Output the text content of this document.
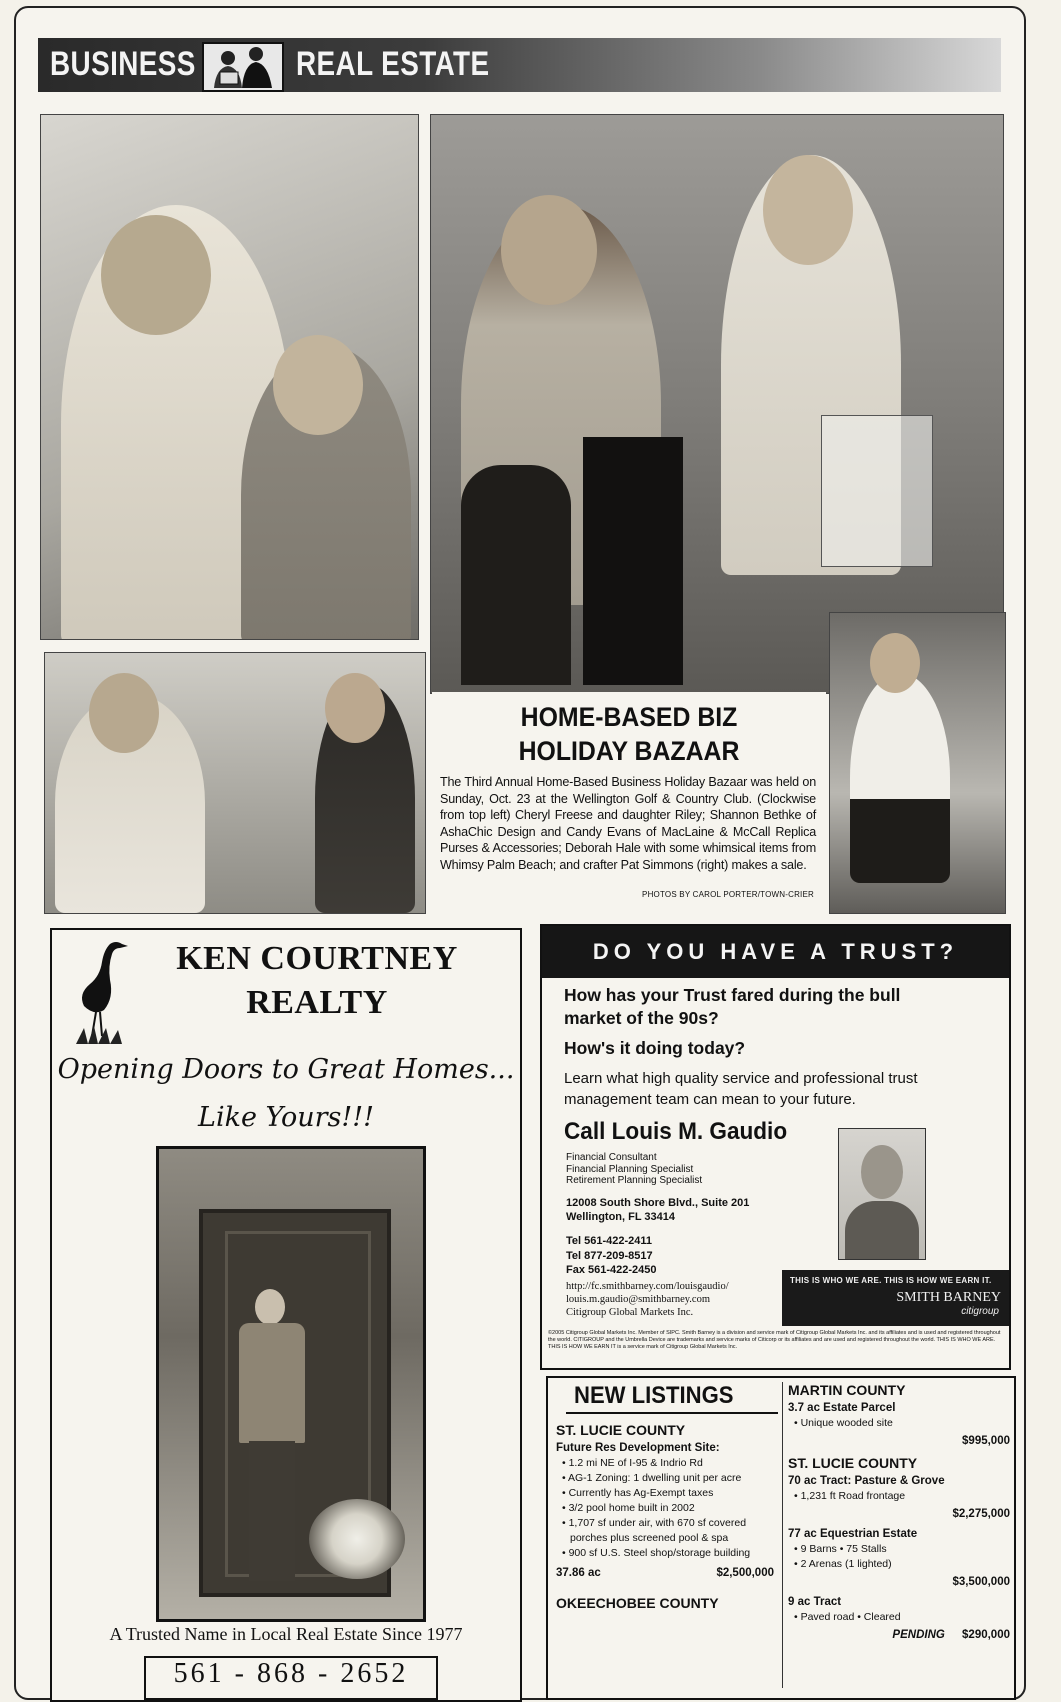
BUSINESS	REAL ESTATE
HOME-BASED BIZ
HOLIDAY BAZAAR
The Third Annual Home-Based Business Holiday Bazaar was held on Sunday, Oct. 23 at the Wellington Golf & Country Club. (Clockwise from top left) Cheryl Freese and daughter Riley; Shannon Bethke of AshaChic Design and Candy Evans of MacLaine & McCall Replica Purses & Accessories; Deborah Hale with some whimsical items from Whimsy Palm Beach; and crafter Pat Simmons (right) makes a sale.
PHOTOS BY CAROL PORTER/TOWN-CRIER
KEN COURTNEY
REALTY
Opening Doors to Great Homes...
Like Yours!!!
A Trusted Name in Local Real Estate Since 1977
561 - 868 - 2652
DO YOU HAVE A TRUST?
How has your Trust fared during the bull market of the 90s?
How's it doing today?
Learn what high quality service and professional trust management team can mean to your future.
Call Louis M. Gaudio
Financial Consultant
Financial Planning Specialist
Retirement Planning Specialist
12008 South Shore Blvd., Suite 201
Wellington, FL 33414
Tel 561-422-2411
Tel 877-209-8517
Fax 561-422-2450
http://fc.smithbarney.com/louisgaudio/
louis.m.gaudio@smithbarney.com
Citigroup Global Markets Inc.
THIS IS WHO WE ARE. THIS IS HOW WE EARN IT.
SMITH BARNEY
citigroup
©2005 Citigroup Global Markets Inc. Member of SIPC. Smith Barney is a division and service mark of Citigroup Global Markets Inc. and its affiliates and is used and registered throughout the world. CITIGROUP and the Umbrella Device are trademarks and service marks of Citicorp or its affiliates and are used and registered throughout the world. THIS IS WHO WE ARE. THIS IS HOW WE EARN IT is a service mark of Citigroup Global Markets Inc.
NEW LISTINGS
ST. LUCIE COUNTY
Future Res Development Site:
• 1.2 mi NE of I-95 & Indrio Rd
• AG-1 Zoning: 1 dwelling unit per acre
• Currently has Ag-Exempt taxes
• 3/2 pool home built in 2002
• 1,707 sf under air, with 670 sf covered porches plus screened pool & spa
• 900 sf U.S. Steel shop/storage building
37.86 ac	$2,500,000
OKEECHOBEE COUNTY
MARTIN COUNTY
3.7 ac Estate Parcel
• Unique wooded site
$995,000
ST. LUCIE COUNTY
70 ac Tract: Pasture & Grove
• 1,231 ft Road frontage
$2,275,000
77 ac Equestrian Estate
• 9 Barns • 75 Stalls
• 2 Arenas (1 lighted)
$3,500,000
9 ac Tract
• Paved road • Cleared
PENDING $290,000
